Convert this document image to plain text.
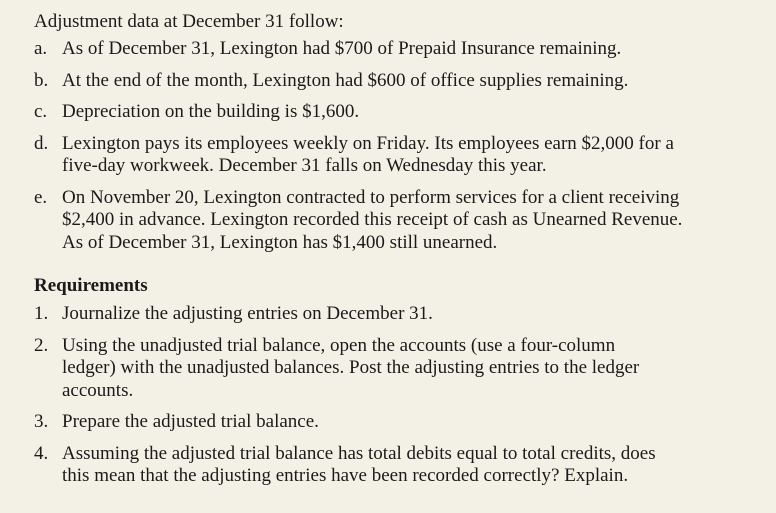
Adjustment data at December 31 follow:
a. As of December 31, Lexington had $700 of Prepaid Insurance remaining.
b. At the end of the month, Lexington had $600 of office supplies remaining.
c. Depreciation on the building is $1,600.
d. Lexington pays its employees weekly on Friday. Its employees earn $2,000 for a five-day workweek. December 31 falls on Wednesday this year.
e. On November 20, Lexington contracted to perform services for a client receiving $2,400 in advance. Lexington recorded this receipt of cash as Unearned Revenue. As of December 31, Lexington has $1,400 still unearned.
Requirements
1. Journalize the adjusting entries on December 31.
2. Using the unadjusted trial balance, open the accounts (use a four-column ledger) with the unadjusted balances. Post the adjusting entries to the ledger accounts.
3. Prepare the adjusted trial balance.
4. Assuming the adjusted trial balance has total debits equal to total credits, does this mean that the adjusting entries have been recorded correctly? Explain.
